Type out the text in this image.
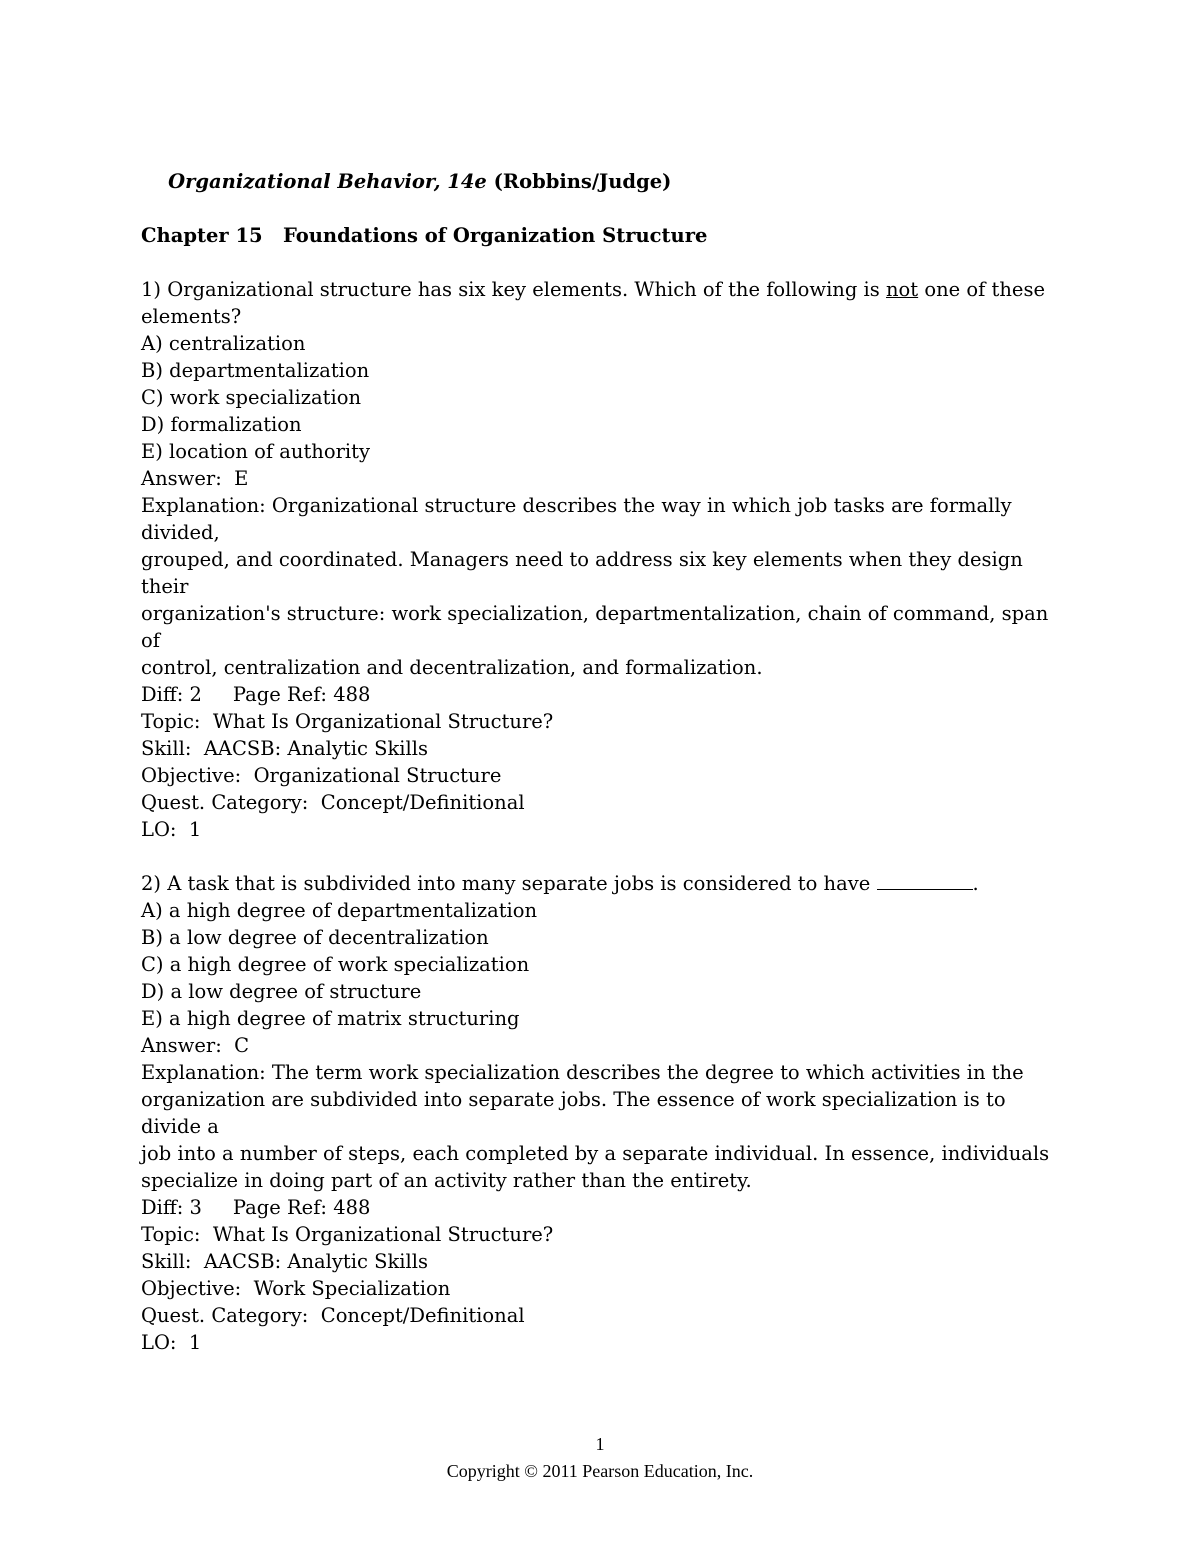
Organizational Behavior, 14e (Robbins/Judge)

Chapter 15   Foundations of Organization Structure
1) Organizational structure has six key elements. Which of the following is not one of these
elements?
A) centralization
B) departmentalization
C) work specialization
D) formalization
E) location of authority
Answer:  E
Explanation: Organizational structure describes the way in which job tasks are formally divided,
grouped, and coordinated. Managers need to address six key elements when they design their
organization's structure: work specialization, departmentalization, chain of command, span of
control, centralization and decentralization, and formalization.
Diff: 2     Page Ref: 488
Topic:  What Is Organizational Structure?
Skill:  AACSB: Analytic Skills
Objective:  Organizational Structure
Quest. Category:  Concept/Definitional
LO:  1
2) A task that is subdivided into many separate jobs is considered to have	.
A) a high degree of departmentalization
B) a low degree of decentralization
C) a high degree of work specialization
D) a low degree of structure
E) a high degree of matrix structuring
Answer:  C
Explanation: The term work specialization describes the degree to which activities in the
organization are subdivided into separate jobs. The essence of work specialization is to divide a
job into a number of steps, each completed by a separate individual. In essence, individuals
specialize in doing part of an activity rather than the entirety.
Diff: 3     Page Ref: 488
Topic:  What Is Organizational Structure?
Skill:  AACSB: Analytic Skills
Objective:  Work Specialization
Quest. Category:  Concept/Definitional
LO:  1
1
Copyright © 2011 Pearson Education, Inc.
